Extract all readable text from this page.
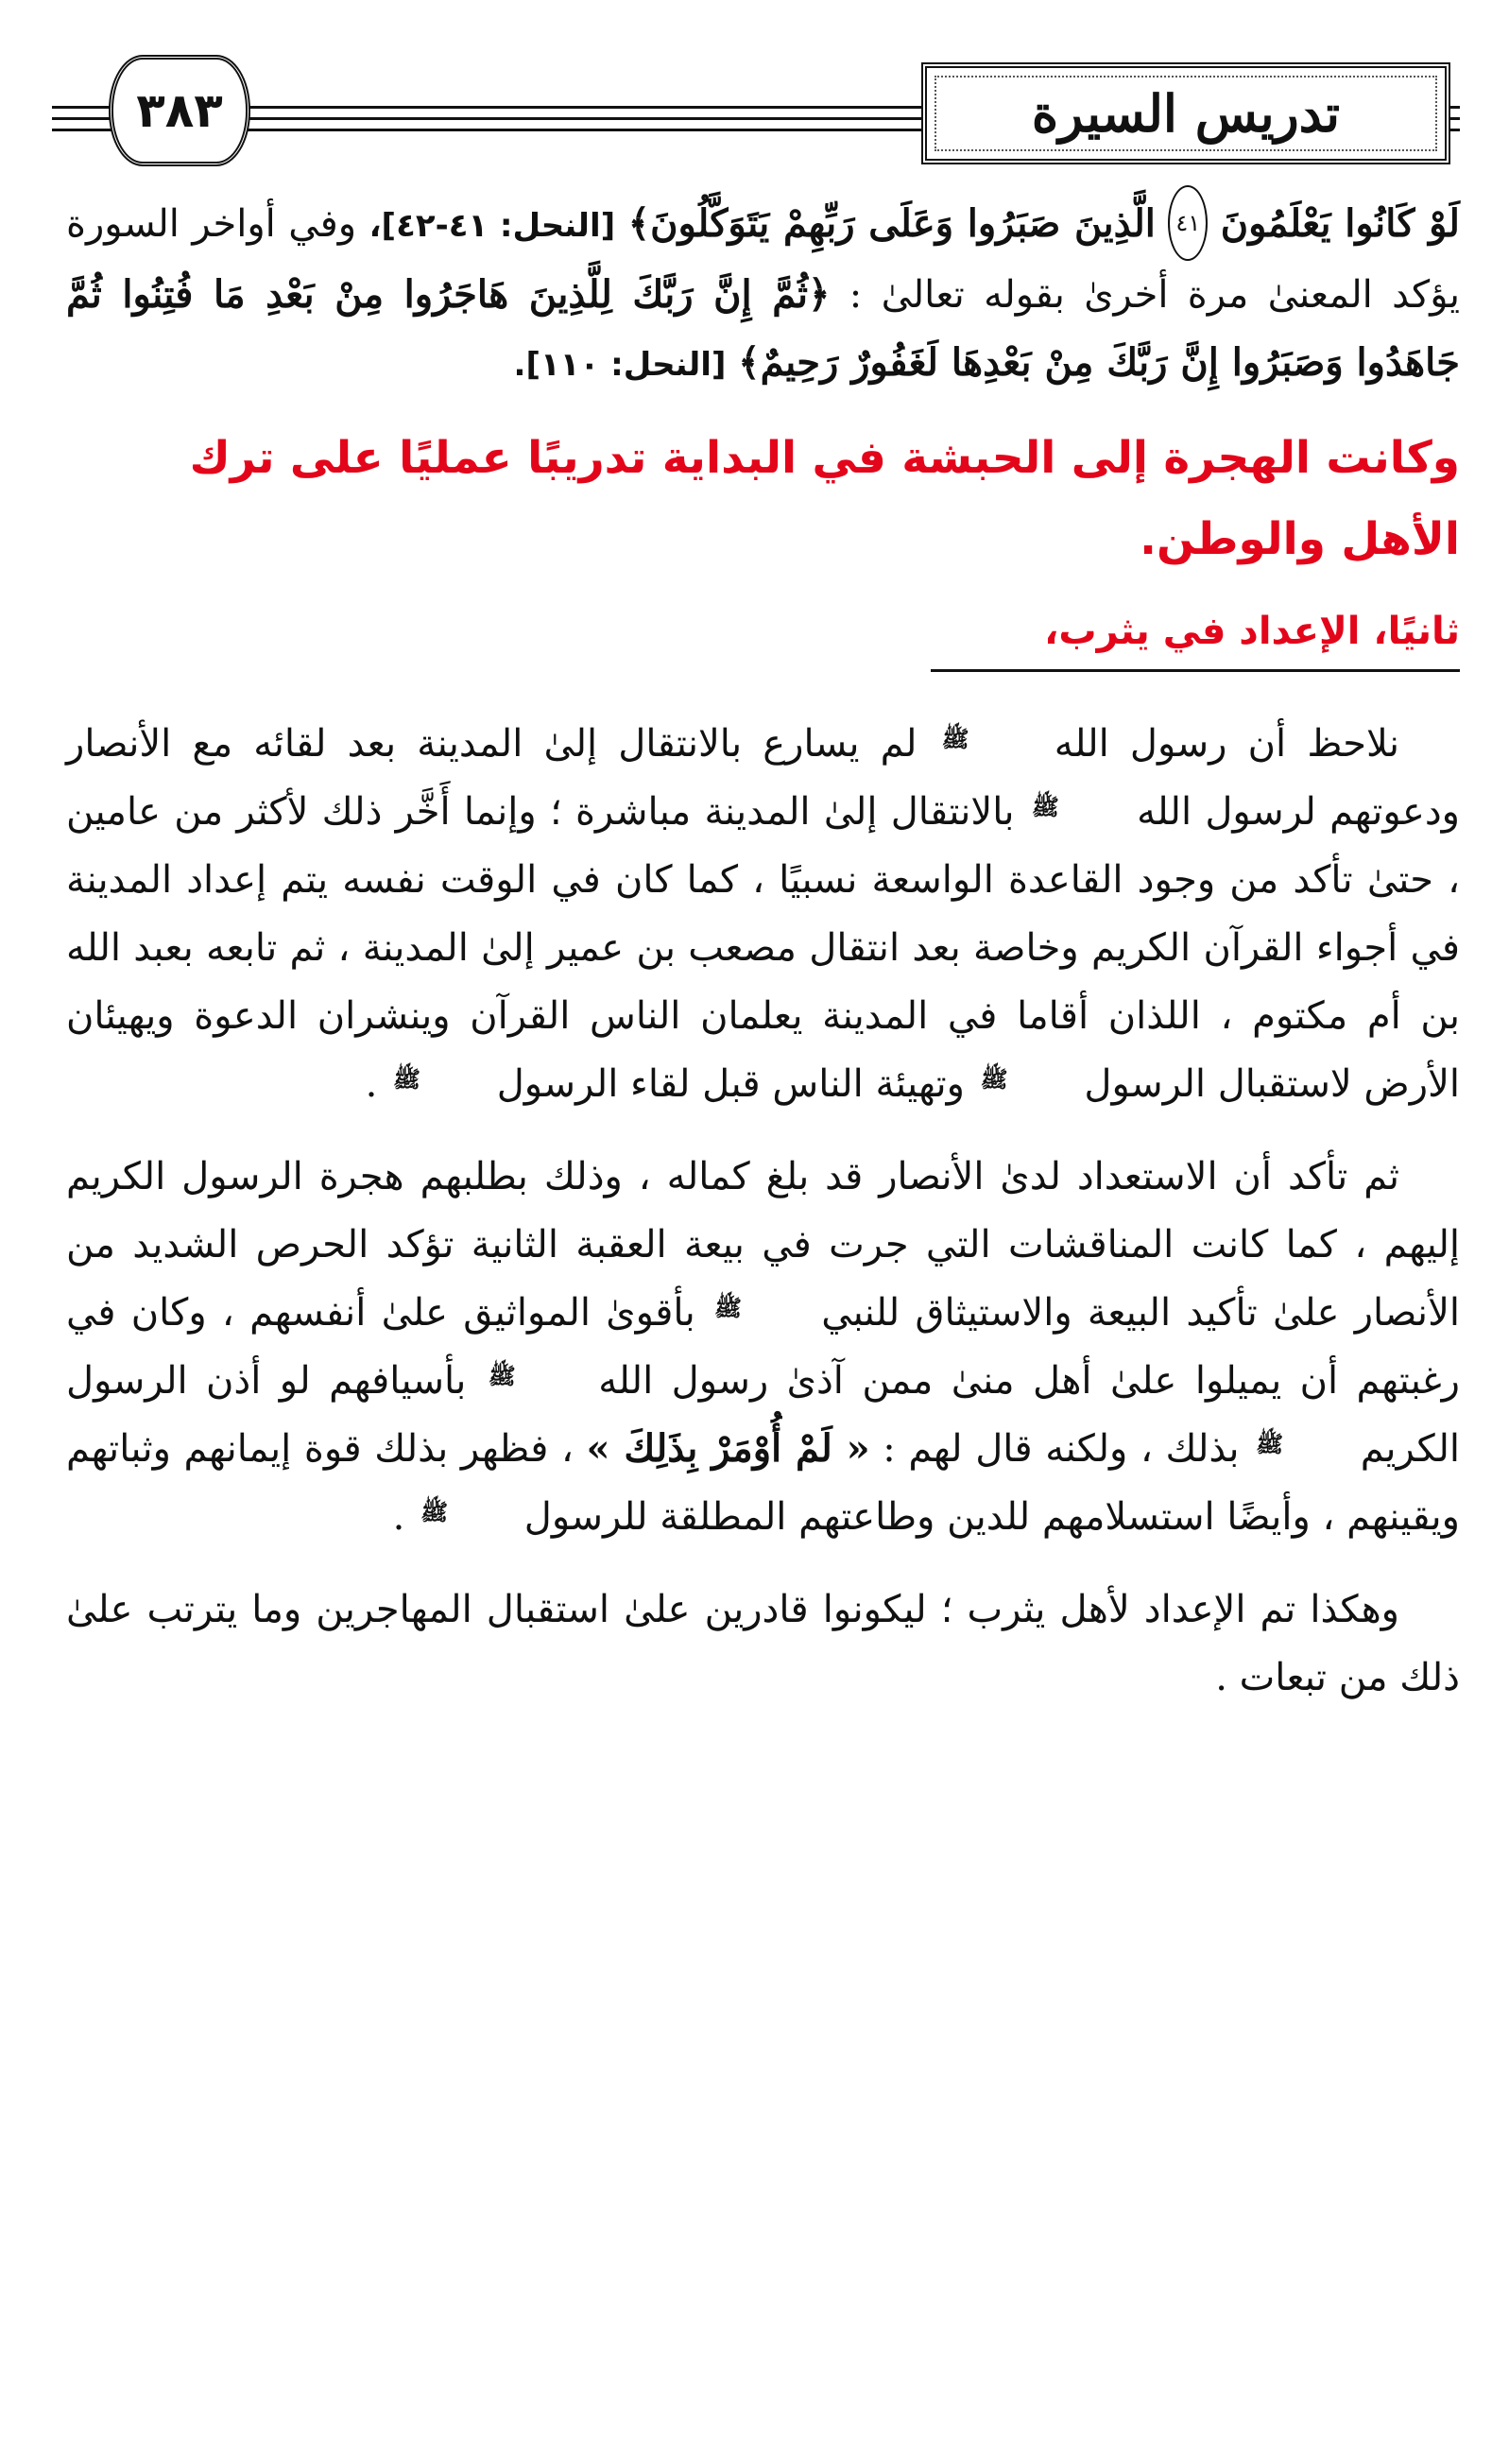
٣٨٣	تدريس السيرة

لَوْ كَانُوا يَعْلَمُونَ ٤١ الَّذِينَ صَبَرُوا وَعَلَى رَبِّهِمْ يَتَوَكَّلُونَ﴾ [النحل: ٤١-٤٢]، وفي أواخر السورة يؤكد المعنىٰ مرة أخرىٰ بقوله تعالىٰ : ﴿ثُمَّ إِنَّ رَبَّكَ لِلَّذِينَ هَاجَرُوا مِنْ بَعْدِ مَا فُتِنُوا ثُمَّ جَاهَدُوا وَصَبَرُوا إِنَّ رَبَّكَ مِنْ بَعْدِهَا لَغَفُورٌ رَحِيمٌ﴾ [النحل: ١١٠].

وكانت الهجرة إلى الحبشة في البداية تدريبًا عمليًا على ترك الأهل والوطن.
ثانيًا، الإعداد في يثرب،

نلاحظ أن رسول الله ﷺ لم يسارع بالانتقال إلىٰ المدينة بعد لقائه مع الأنصار ودعوتهم لرسول الله ﷺ بالانتقال إلىٰ المدينة مباشرة ؛ وإنما أَخَّر ذلك لأكثر من عامين ، حتىٰ تأكد من وجود القاعدة الواسعة نسبيًا ، كما كان في الوقت نفسه يتم إعداد المدينة في أجواء القرآن الكريم وخاصة بعد انتقال مصعب بن عمير إلىٰ المدينة ، ثم تابعه بعبد الله بن أم مكتوم ، اللذان أقاما في المدينة يعلمان الناس القرآن وينشران الدعوة ويهيئان الأرض لاستقبال الرسول ﷺ وتهيئة الناس قبل لقاء الرسول ﷺ .

ثم تأكد أن الاستعداد لدىٰ الأنصار قد بلغ كماله ، وذلك بطلبهم هجرة الرسول الكريم إليهم ، كما كانت المناقشات التي جرت في بيعة العقبة الثانية تؤكد الحرص الشديد من الأنصار علىٰ تأكيد البيعة والاستيثاق للنبي ﷺ بأقوىٰ المواثيق علىٰ أنفسهم ، وكان في رغبتهم أن يميلوا علىٰ أهل منىٰ ممن آذىٰ رسول الله ﷺ بأسيافهم لو أذن الرسول الكريم ﷺ بذلك ، ولكنه قال لهم : « لَمْ أُوْمَرْ بِذَلِكَ » ، فظهر بذلك قوة إيمانهم وثباتهم ويقينهم ، وأيضًا استسلامهم للدين وطاعتهم المطلقة للرسول ﷺ .

وهكذا تم الإعداد لأهل يثرب ؛ ليكونوا قادرين علىٰ استقبال المهاجرين وما يترتب علىٰ ذلك من تبعات .
